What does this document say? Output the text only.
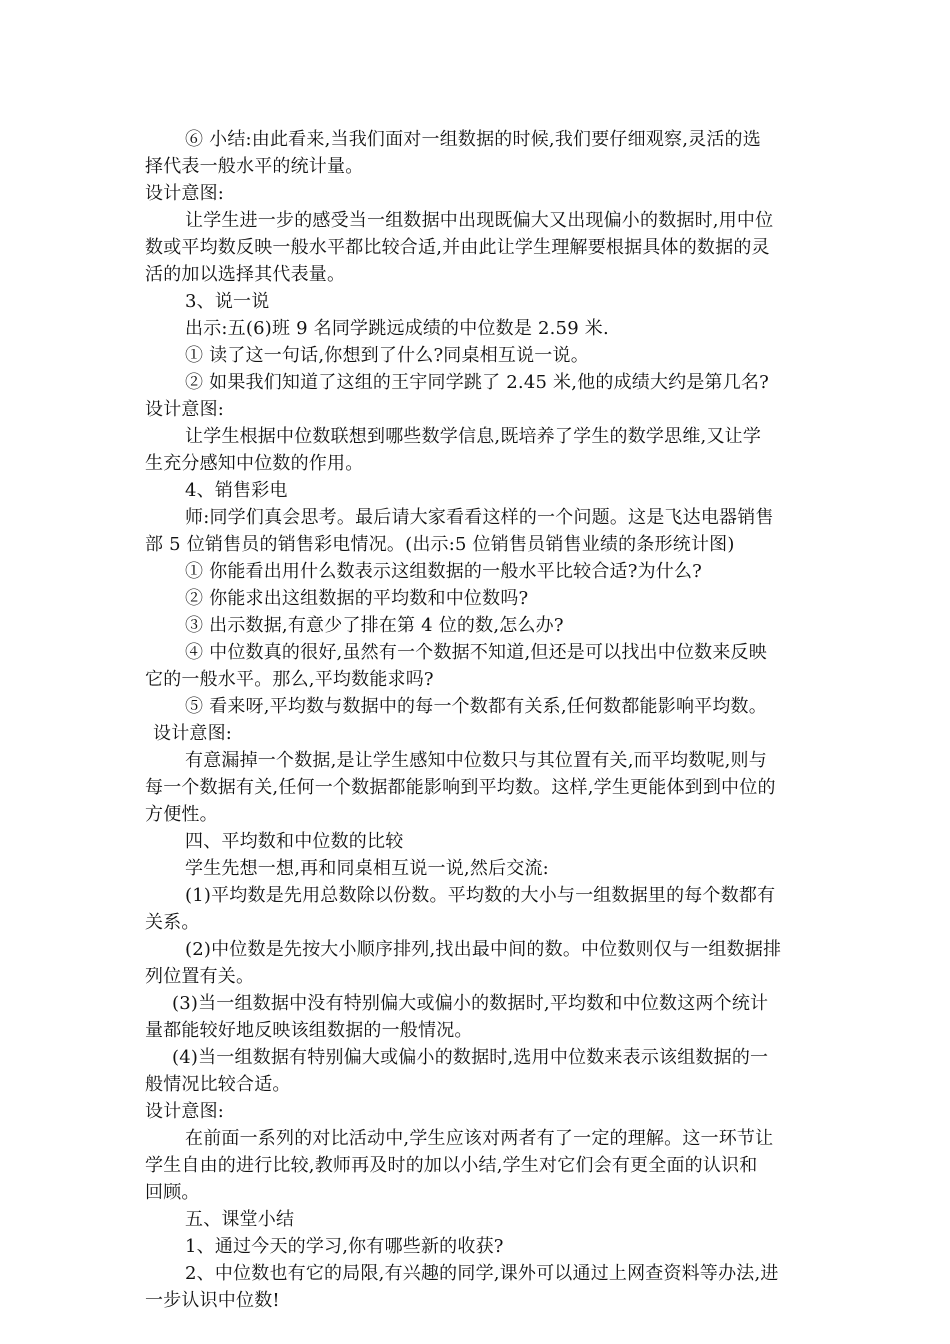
⑥ 小结:由此看来,当我们面对一组数据的时候,我们要仔细观察,灵活的选
择代表一般水平的统计量。
设计意图:
让学生进一步的感受当一组数据中出现既偏大又出现偏小的数据时,用中位
数或平均数反映一般水平都比较合适,并由此让学生理解要根据具体的数据的灵
活的加以选择其代表量。
3、说一说
出示:五(6)班 9 名同学跳远成绩的中位数是 2.59 米.
① 读了这一句话,你想到了什么?同桌相互说一说。
② 如果我们知道了这组的王宇同学跳了 2.45 米,他的成绩大约是第几名?
设计意图:
让学生根据中位数联想到哪些数学信息,既培养了学生的数学思维,又让学
生充分感知中位数的作用。
4、销售彩电
师:同学们真会思考。最后请大家看看这样的一个问题。这是飞达电器销售
部 5 位销售员的销售彩电情况。(出示:5 位销售员销售业绩的条形统计图)
① 你能看出用什么数表示这组数据的一般水平比较合适?为什么?
② 你能求出这组数据的平均数和中位数吗?
③ 出示数据,有意少了排在第 4 位的数,怎么办?
④ 中位数真的很好,虽然有一个数据不知道,但还是可以找出中位数来反映
它的一般水平。那么,平均数能求吗?
⑤ 看来呀,平均数与数据中的每一个数都有关系,任何数都能影响平均数。
设计意图:
有意漏掉一个数据,是让学生感知中位数只与其位置有关,而平均数呢,则与
每一个数据有关,任何一个数据都能影响到平均数。这样,学生更能体到到中位的
方便性。
四、平均数和中位数的比较
学生先想一想,再和同桌相互说一说,然后交流:
(1)平均数是先用总数除以份数。平均数的大小与一组数据里的每个数都有
关系。
(2)中位数是先按大小顺序排列,找出最中间的数。中位数则仅与一组数据排
列位置有关。
(3)当一组数据中没有特别偏大或偏小的数据时,平均数和中位数这两个统计
量都能较好地反映该组数据的一般情况。
(4)当一组数据有特别偏大或偏小的数据时,选用中位数来表示该组数据的一
般情况比较合适。
设计意图:
在前面一系列的对比活动中,学生应该对两者有了一定的理解。这一环节让
学生自由的进行比较,教师再及时的加以小结,学生对它们会有更全面的认识和
回顾。
五、课堂小结
1、通过今天的学习,你有哪些新的收获?
2、中位数也有它的局限,有兴趣的同学,课外可以通过上网查资料等办法,进
一步认识中位数!
